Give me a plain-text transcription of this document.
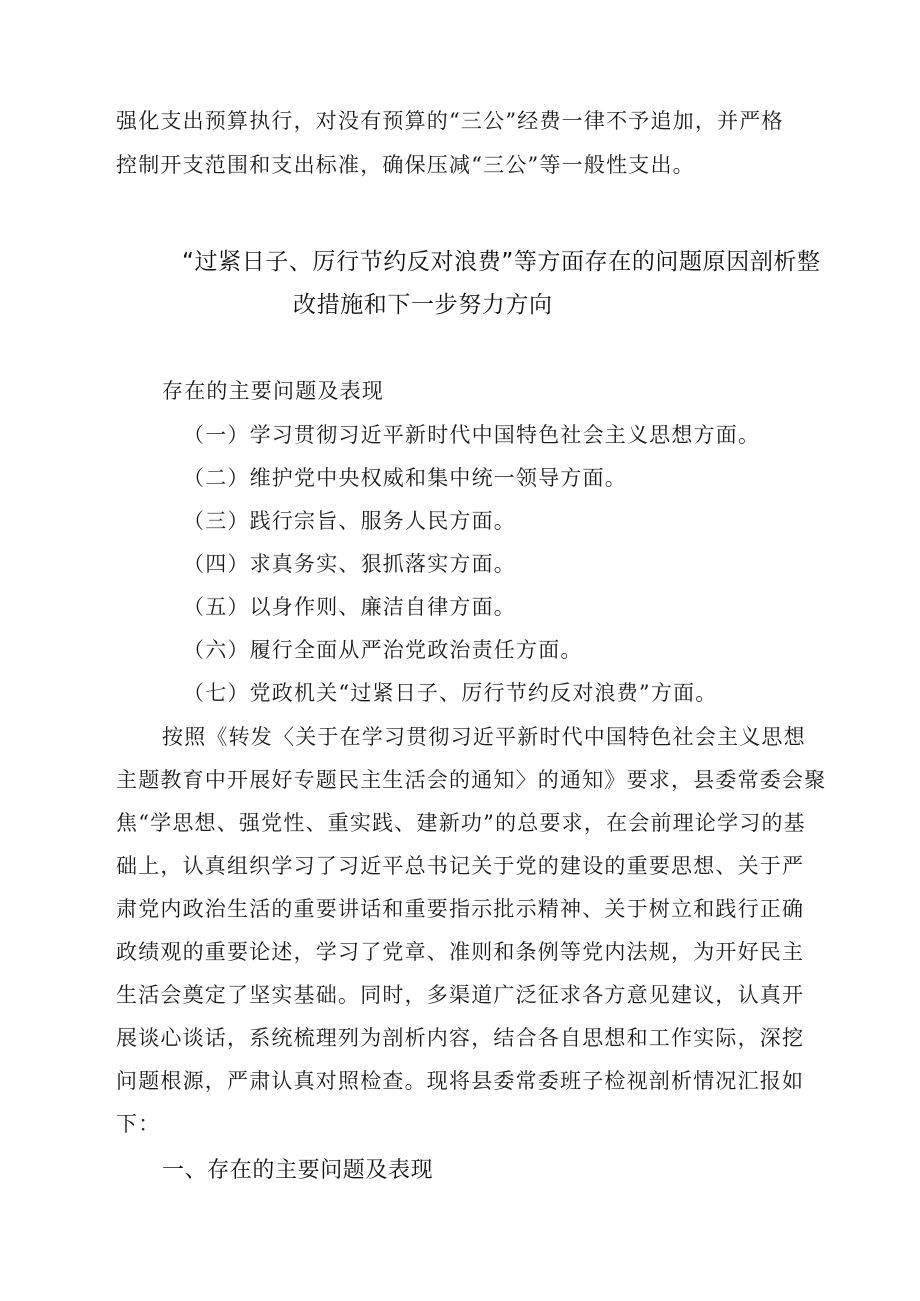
强化支出预算执行，对没有预算的“三公”经费一律不予追加，并严格
控制开支范围和支出标准，确保压减“三公”等一般性支出。
“过紧日子、厉行节约反对浪费”等方面存在的问题原因剖析整
改措施和下一步努力方向
存在的主要问题及表现
（一）学习贯彻习近平新时代中国特色社会主义思想方面。
（二）维护党中央权威和集中统一领导方面。
（三）践行宗旨、服务人民方面。
（四）求真务实、狠抓落实方面。
（五）以身作则、廉洁自律方面。
（六）履行全面从严治党政治责任方面。
（七）党政机关“过紧日子、厉行节约反对浪费”方面。
按照《转发〈关于在学习贯彻习近平新时代中国特色社会主义思想
主题教育中开展好专题民主生活会的通知〉的通知》要求，县委常委会聚
焦“学思想、强党性、重实践、建新功”的总要求，在会前理论学习的基
础上，认真组织学习了习近平总书记关于党的建设的重要思想、关于严
肃党内政治生活的重要讲话和重要指示批示精神、关于树立和践行正确
政绩观的重要论述，学习了党章、准则和条例等党内法规，为开好民主
生活会奠定了坚实基础。同时，多渠道广泛征求各方意见建议，认真开
展谈心谈话，系统梳理列为剖析内容，结合各自思想和工作实际，深挖
问题根源，严肃认真对照检查。现将县委常委班子检视剖析情况汇报如
下：
一、存在的主要问题及表现
